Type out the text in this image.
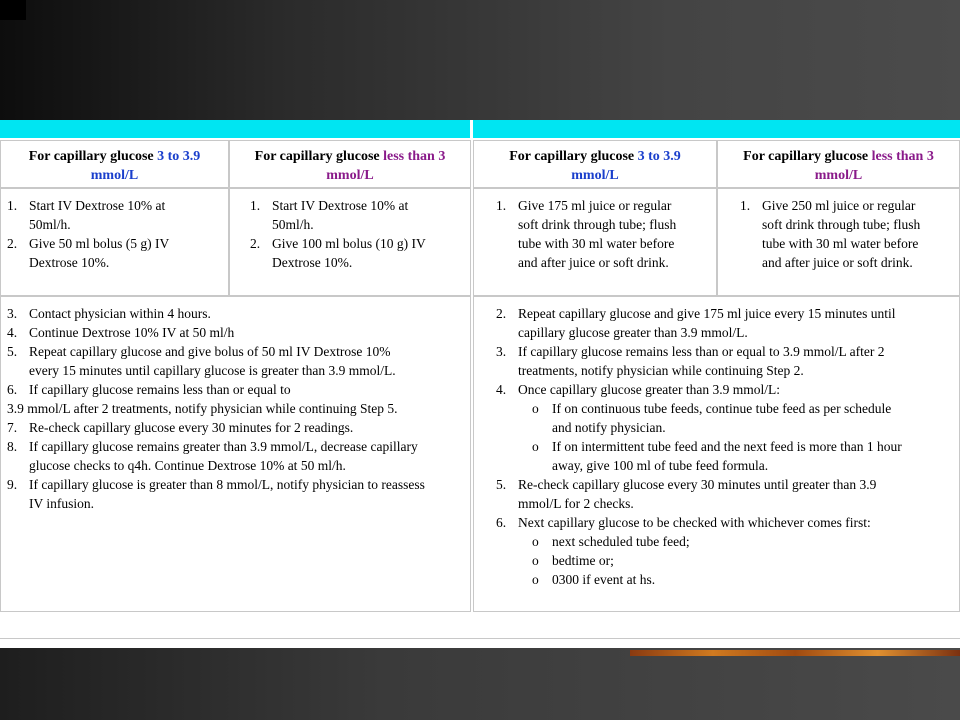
For capillary glucose 3 to 3.9
mmol/L
For capillary glucose less than 3
mmol/L
For capillary glucose 3 to 3.9
mmol/L
For capillary glucose less than 3
mmol/L
1. Start IV Dextrose 10% at
50ml/h.
2. Give 50 ml bolus (5 g) IV
Dextrose 10%.
1. Start IV Dextrose 10% at
50ml/h.
2. Give 100 ml bolus (10 g) IV
Dextrose 10%.
1. Give 175 ml juice or regular
soft drink through tube; flush
tube with 30 ml water before
and after juice or soft drink.
1. Give 250 ml juice or regular
soft drink through tube; flush
tube with 30 ml water before
and after juice or soft drink.
3. Contact physician within 4 hours.
4. Continue Dextrose 10% IV at 50 ml/h
5. Repeat capillary glucose and give bolus of 50 ml IV Dextrose 10%
every 15 minutes until capillary glucose is greater than 3.9 mmol/L.
6. If capillary glucose remains less than or equal to
3.9 mmol/L after 2 treatments, notify physician while continuing Step 5.
7. Re-check capillary glucose every 30 minutes for 2 readings.
8. If capillary glucose remains greater than 3.9 mmol/L, decrease capillary
glucose checks to q4h. Continue Dextrose 10% at 50 ml/h.
9. If capillary glucose is greater than 8 mmol/L, notify physician to reassess
IV infusion.
2. Repeat capillary glucose and give 175 ml juice every 15 minutes until
capillary glucose greater than 3.9 mmol/L.
3. If capillary glucose remains less than or equal to 3.9 mmol/L after 2
treatments, notify physician while continuing Step 2.
4. Once capillary glucose greater than 3.9 mmol/L:
o If on continuous tube feeds, continue tube feed as per schedule
and notify physician.
o If on intermittent tube feed and the next feed is more than 1 hour
away, give 100 ml of tube feed formula.
5. Re-check capillary glucose every 30 minutes until greater than 3.9
mmol/L for 2 checks.
6. Next capillary glucose to be checked with whichever comes first:
o next scheduled tube feed;
o bedtime or;
o 0300 if event at hs.
